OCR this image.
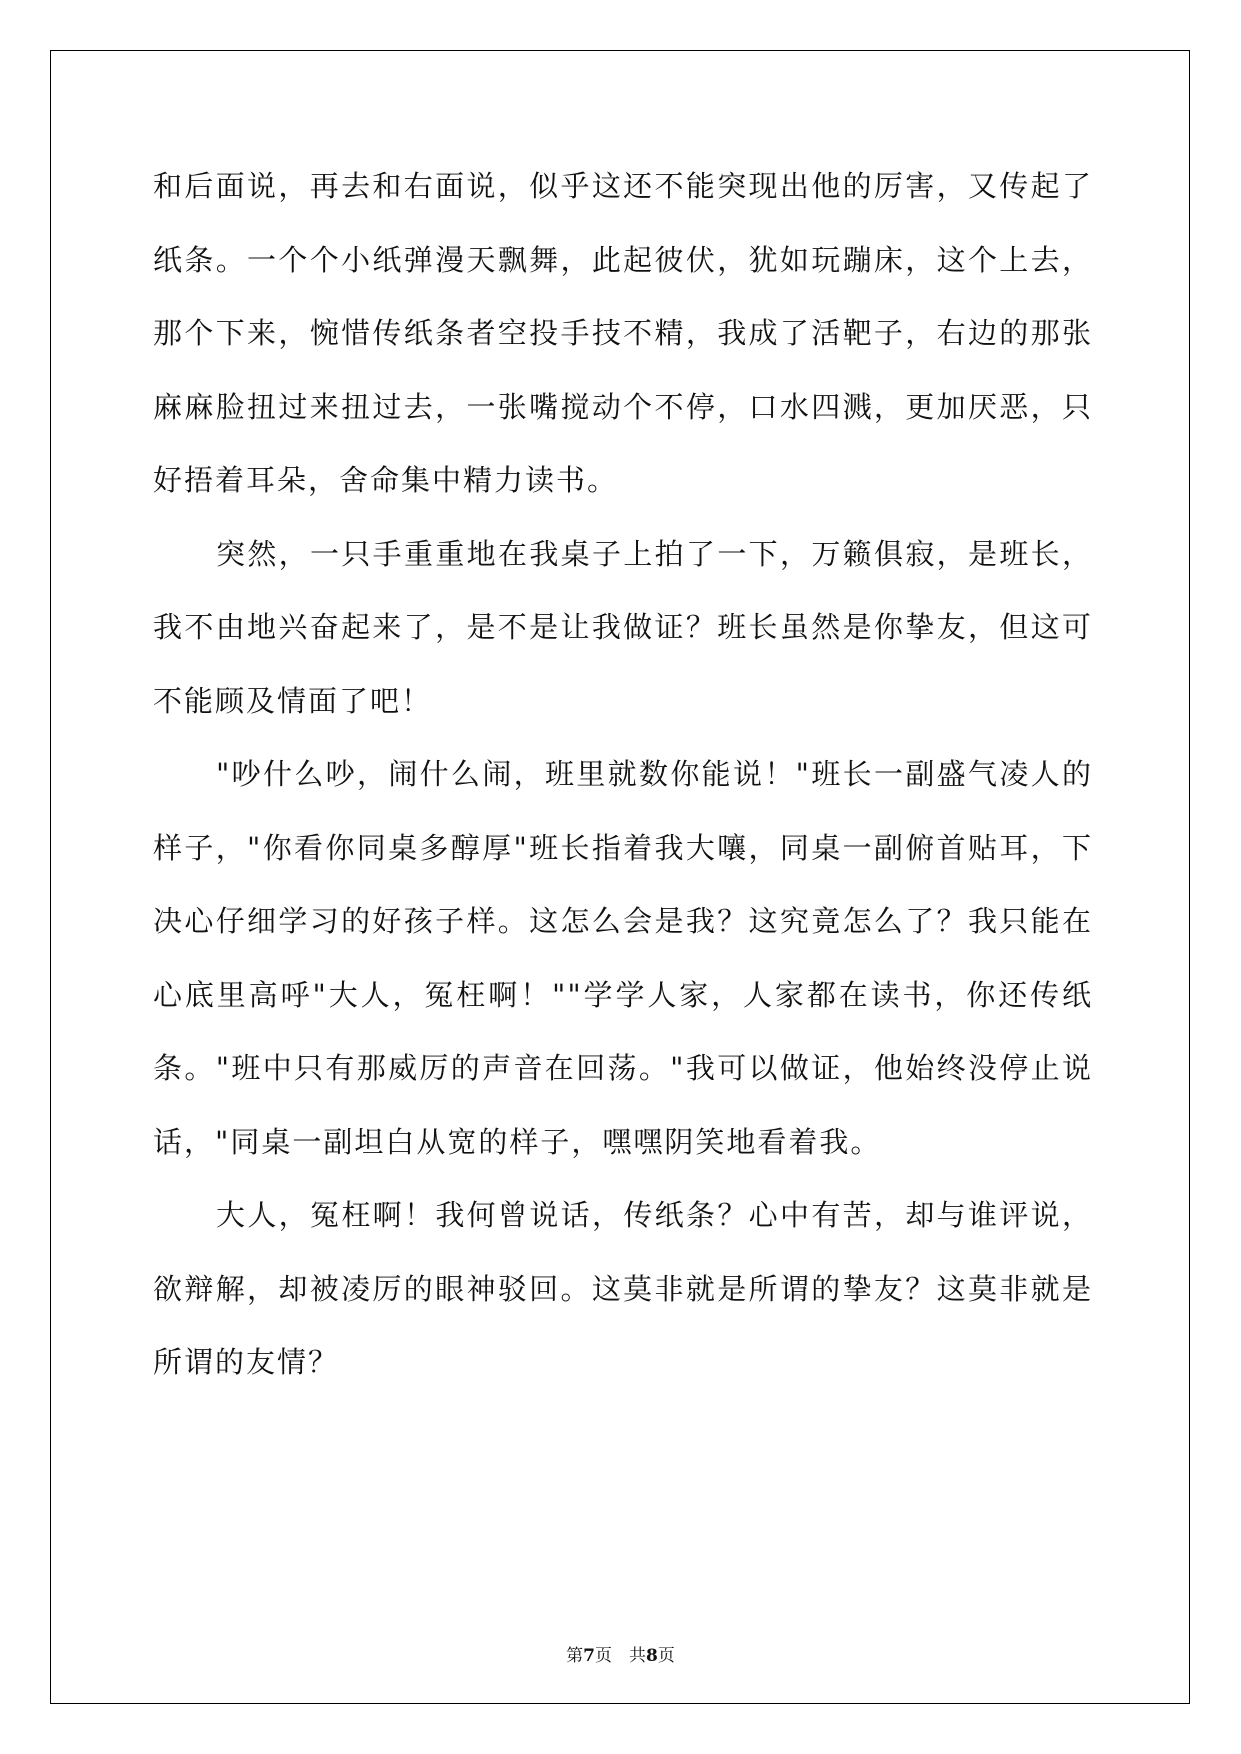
和后面说，再去和右面说，似乎这还不能突现出他的厉害，又传起了纸条。一个个小纸弹漫天飘舞，此起彼伏，犹如玩蹦床，这个上去，那个下来，惋惜传纸条者空投手技不精，我成了活靶子，右边的那张麻麻脸扭过来扭过去，一张嘴搅动个不停，口水四溅，更加厌恶，只好捂着耳朵，舍命集中精力读书。

突然，一只手重重地在我桌子上拍了一下，万籁俱寂，是班长，我不由地兴奋起来了，是不是让我做证？班长虽然是你挚友，但这可不能顾及情面了吧！

"吵什么吵，闹什么闹，班里就数你能说！"班长一副盛气凌人的样子，"你看你同桌多醇厚"班长指着我大嚷，同桌一副俯首贴耳，下决心仔细学习的好孩子样。这怎么会是我？这究竟怎么了？我只能在心底里高呼"大人，冤枉啊！""学学人家，人家都在读书，你还传纸条。"班中只有那威厉的声音在回荡。"我可以做证，他始终没停止说话，"同桌一副坦白从宽的样子，嘿嘿阴笑地看着我。

大人，冤枉啊！我何曾说话，传纸条？心中有苦，却与谁评说，欲辩解，却被凌厉的眼神驳回。这莫非就是所谓的挚友？这莫非就是所谓的友情？

第7页　共8页
